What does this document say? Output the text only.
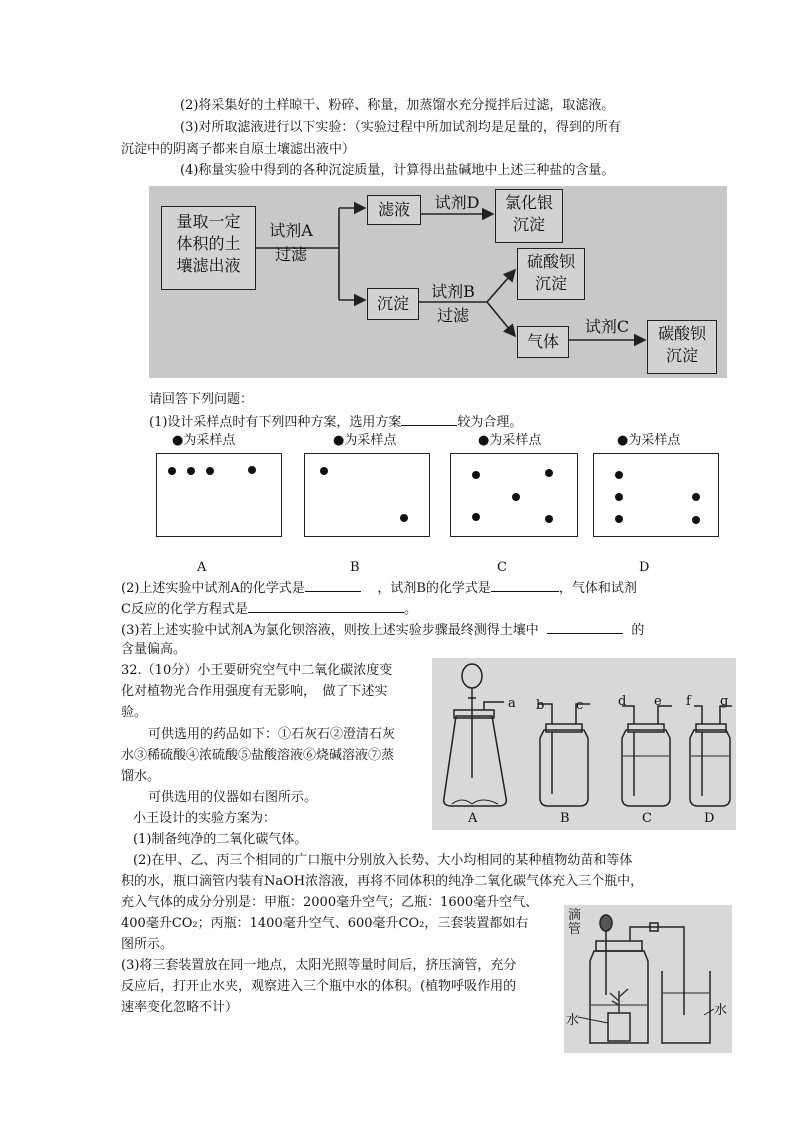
(2)将采集好的土样晾干、粉碎、称量，加蒸馏水充分搅拌后过滤，取滤液。
(3)对所取滤液进行以下实验：（实验过程中所加试剂均是足量的，得到的所有
沉淀中的阴离子都来自原土壤滤出液中）
(4)称量实验中得到的各种沉淀质量，计算得出盐碱地中上述三种盐的含量。
量取一定
体积的土
壤滤出液
试剂A
过滤
滤液	试剂D	氯化银
沉淀
沉淀
试剂B
过滤
硫酸钡
沉淀
气体
试剂C	碳酸钡
沉淀
请回答下列问题：
(1)设计采样点时有下列四种方案，选用方案	较为合理。
●为采样点	●为采样点	●为采样点	●为采样点
A	B	C	D
(2)上述实验中试剂A的化学式是	，试剂B的化学式是	，气体和试剂
C反应的化学方程式是	。
(3)若上述实验中试剂A为氯化钡溶液，则按上述实验步骤最终测得土壤中	的
含量偏高。
32.（10分）小王要研究空气中二氧化碳浓度变
化对植物光合作用强度有无影响，　做了下述实
验。
可供选用的药品如下：①石灰石②澄清石灰
水③稀硫酸④浓硫酸⑤盐酸溶液⑥烧碱溶液⑦蒸
馏水。
可供选用的仪器如右图所示。
小王设计的实验方案为：
(1)制备纯净的二氧化碳气体。
(2)在甲、乙、丙三个相同的广口瓶中分别放入长势、大小均相同的某种植物幼苗和等体
积的水，瓶口滴管内装有NaOH浓溶液，再将不同体积的纯净二氧化碳气体充入三个瓶中，
充入气体的成分分别是：甲瓶：2000毫升空气；乙瓶：1600毫升空气、
400毫升CO₂；丙瓶：1400毫升空气、600毫升CO₂，三套装置都如右
图所示。
(3)将三套装置放在同一地点，太阳光照等量时间后，挤压滴管，充分
反应后，打开止水夹，观察进入三个瓶中水的体积。(植物呼吸作用的
速率变化忽略不计）
a b c	d e f g
A	B	C	D
滴
管
水
水
